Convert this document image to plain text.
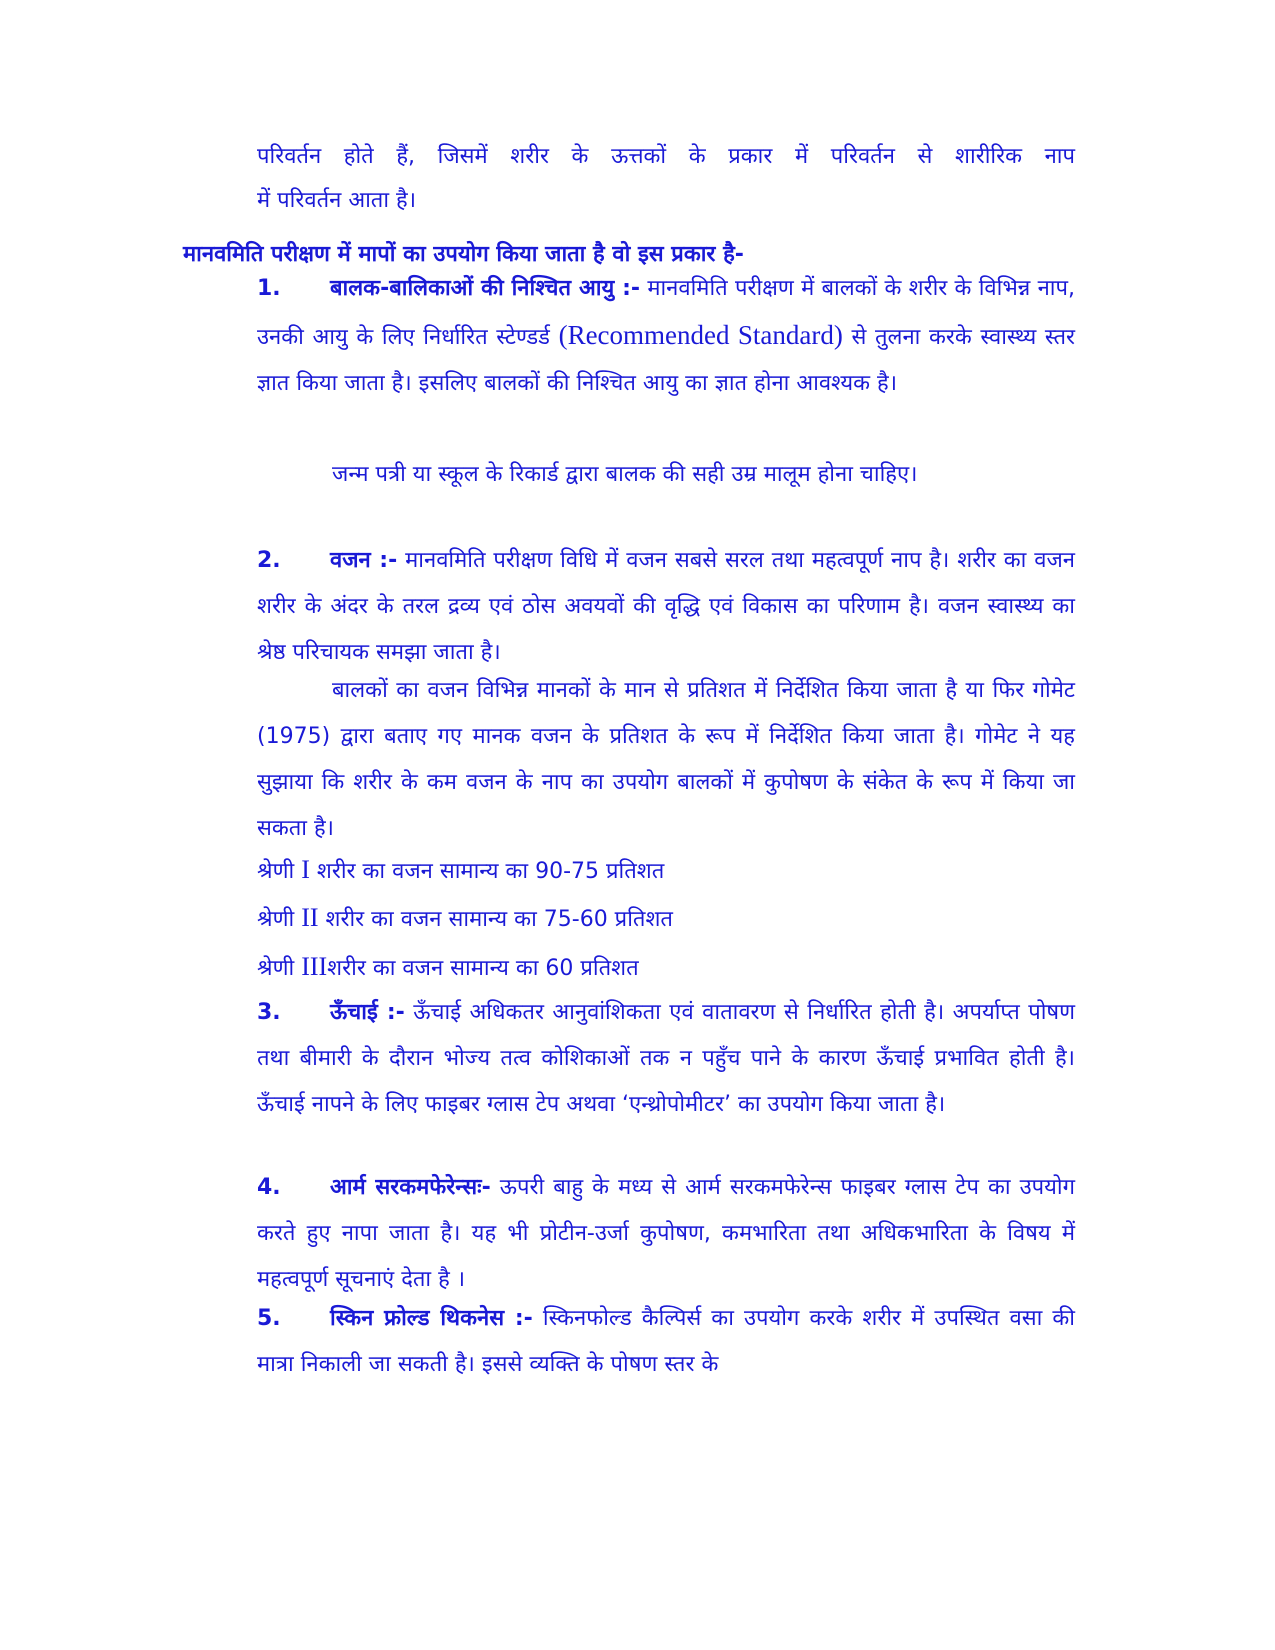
परिवर्तन होते हैं, जिसमें शरीर के ऊत्तकों के प्रकार में परिवर्तन से शारीरिक नाप

में परिवर्तन आता है।

मानवमिति परीक्षण में मापों का उपयोग किया जाता है वो इस प्रकार है-

1. बालक-बालिकाओं की निश्चित आयु :- मानवमिति परीक्षण में बालकों के शरीर के विभिन्न नाप, उनकी आयु के लिए निर्धारित स्टेण्डर्ड (Recommended Standard) से तुलना करके स्वास्थ्य स्तर ज्ञात किया जाता है। इसलिए बालकों की निश्चित आयु का ज्ञात होना आवश्यक है।

जन्म पत्री या स्कूल के रिकार्ड द्वारा बालक की सही उम्र मालूम होना चाहिए।

2. वजन :- मानवमिति परीक्षण विधि में वजन सबसे सरल तथा महत्वपूर्ण नाप है। शरीर का वजन शरीर के अंदर के तरल द्रव्य एवं ठोस अवयवों की वृद्धि एवं विकास का परिणाम है। वजन स्वास्थ्य का श्रेष्ठ परिचायक समझा जाता है।

बालकों का वजन विभिन्न मानकों के मान से प्रतिशत में निर्देशित किया जाता है या फिर गोमेट (1975) द्वारा बताए गए मानक वजन के प्रतिशत के रूप में निर्देशित किया जाता है। गोमेट ने यह सुझाया कि शरीर के कम वजन के नाप का उपयोग बालकों में कुपोषण के संकेत के रूप में किया जा सकता है।

श्रेणी I शरीर का वजन सामान्य का 90-75 प्रतिशत

श्रेणी II शरीर का वजन सामान्य का 75-60 प्रतिशत

श्रेणी IIIशरीर का वजन सामान्य का 60 प्रतिशत

3. ऊँचाई :- ऊँचाई अधिकतर आनुवांशिकता एवं वातावरण से निर्धारित होती है। अपर्याप्त पोषण तथा बीमारी के दौरान भोज्य तत्व कोशिकाओं तक न पहुँच पाने के कारण ऊँचाई प्रभावित होती है। ऊँचाई नापने के लिए फाइबर ग्लास टेप अथवा ‘एन्थ्रोपोमीटर’ का उपयोग किया जाता है।

4. आर्म सरकमफेरेन्सः- ऊपरी बाहु के मध्य से आर्म सरकमफेरेन्स फाइबर ग्लास टेप का उपयोग करते हुए नापा जाता है। यह भी प्रोटीन-उर्जा कुपोषण, कमभारिता तथा अधिकभारिता के विषय में महत्वपूर्ण सूचनाएं देता है ।

5. स्किन फ्रोल्ड थिकनेस :- स्किनफोल्ड कैल्पिर्स का उपयोग करके शरीर में उपस्थित वसा की मात्रा निकाली जा सकती है। इससे व्यक्ति के पोषण स्तर के
